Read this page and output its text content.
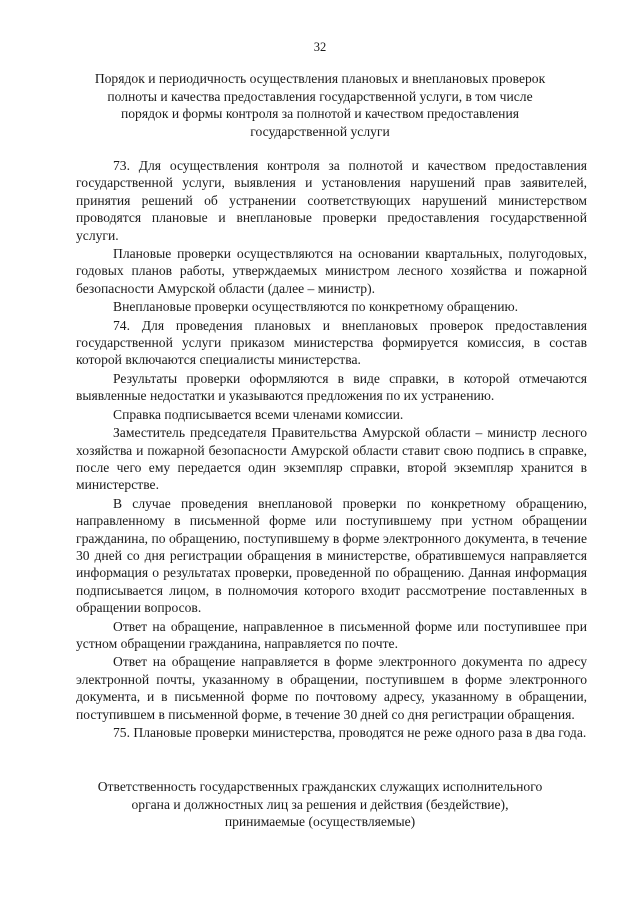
32
Порядок и периодичность осуществления плановых и внеплановых проверок полноты и качества предоставления государственной услуги, в том числе порядок и формы контроля за полнотой и качеством предоставления государственной услуги

73. Для осуществления контроля за полнотой и качеством предоставления государственной услуги, выявления и установления нарушений прав заявителей, принятия решений об устранении соответствующих нарушений министерством проводятся плановые и внеплановые проверки предоставления государственной услуги.

Плановые проверки осуществляются на основании квартальных, полугодовых, годовых планов работы, утверждаемых министром лесного хозяйства и пожарной безопасности Амурской области (далее – министр).

Внеплановые проверки осуществляются по конкретному обращению.

74. Для проведения плановых и внеплановых проверок предоставления государственной услуги приказом министерства формируется комиссия, в состав которой включаются специалисты министерства.

Результаты проверки оформляются в виде справки, в которой отмечаются выявленные недостатки и указываются предложения по их устранению.

Справка подписывается всеми членами комиссии.

Заместитель председателя Правительства Амурской области – министр лесного хозяйства и пожарной безопасности Амурской области ставит свою подпись в справке, после чего ему передается один экземпляр справки, второй экземпляр хранится в министерстве.

В случае проведения внеплановой проверки по конкретному обращению, направленному в письменной форме или поступившему при устном обращении гражданина, по обращению, поступившему в форме электронного документа, в течение 30 дней со дня регистрации обращения в министерстве, обратившемуся направляется информация о результатах проверки, проведенной по обращению. Данная информация подписывается лицом, в полномочия которого входит рассмотрение поставленных в обращении вопросов.

Ответ на обращение, направленное в письменной форме или поступившее при устном обращении гражданина, направляется по почте.

Ответ на обращение направляется в форме электронного документа по адресу электронной почты, указанному в обращении, поступившем в форме электронного документа, и в письменной форме по почтовому адресу, указанному в обращении, поступившем в письменной форме, в течение 30 дней со дня регистрации обращения.

75. Плановые проверки министерства, проводятся не реже одного раза в два года.

Ответственность государственных гражданских служащих исполнительного органа и должностных лиц за решения и действия (бездействие), принимаемые (осуществляемые)
